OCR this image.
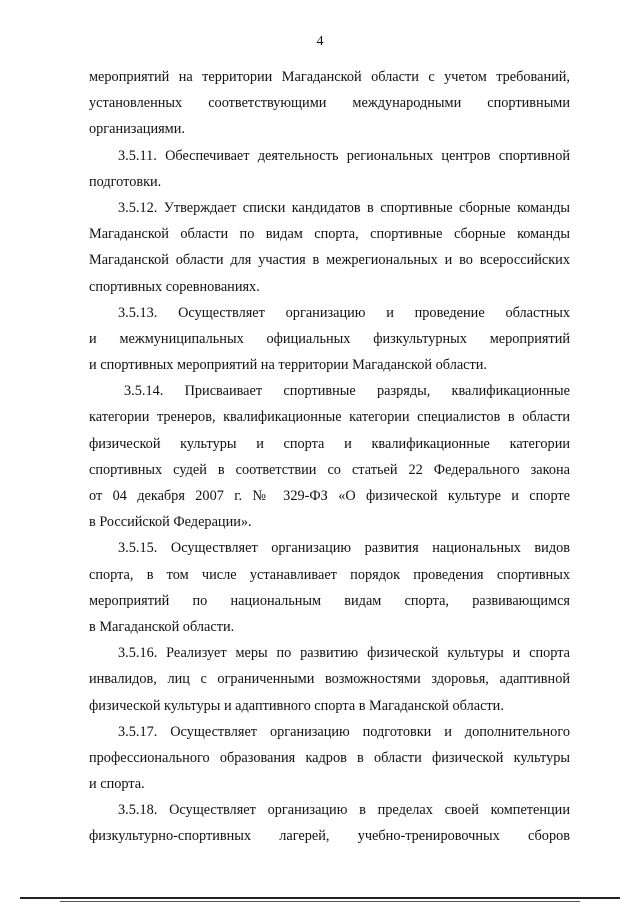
4
мероприятий на территории Магаданской области с учетом требований,
установленных соответствующими международными спортивными
организациями.
3.5.11. Обеспечивает деятельность региональных центров спортивной
подготовки.
3.5.12. Утверждает списки кандидатов в спортивные сборные команды
Магаданской области по видам спорта, спортивные сборные команды
Магаданской области для участия в межрегиональных и во всероссийских
спортивных соревнованиях.
3.5.13. Осуществляет организацию и проведение областных
и межмуниципальных официальных физкультурных мероприятий
и спортивных мероприятий на территории Магаданской области.
3.5.14. Присваивает спортивные разряды, квалификационные
категории тренеров, квалификационные категории специалистов в области
физической культуры и спорта и квалификационные категории
спортивных судей в соответствии со статьей 22 Федерального закона
от 04 декабря 2007 г. № 329-ФЗ «О физической культуре и спорте
в Российской Федерации».
3.5.15. Осуществляет организацию развития национальных видов
спорта, в том числе устанавливает порядок проведения спортивных
мероприятий по национальным видам спорта, развивающимся
в Магаданской области.
3.5.16. Реализует меры по развитию физической культуры и спорта
инвалидов, лиц с ограниченными возможностями здоровья, адаптивной
физической культуры и адаптивного спорта в Магаданской области.
3.5.17. Осуществляет организацию подготовки и дополнительного
профессионального образования кадров в области физической культуры
и спорта.
3.5.18. Осуществляет организацию в пределах своей компетенции
физкультурно-спортивных лагерей, учебно-тренировочных сборов
